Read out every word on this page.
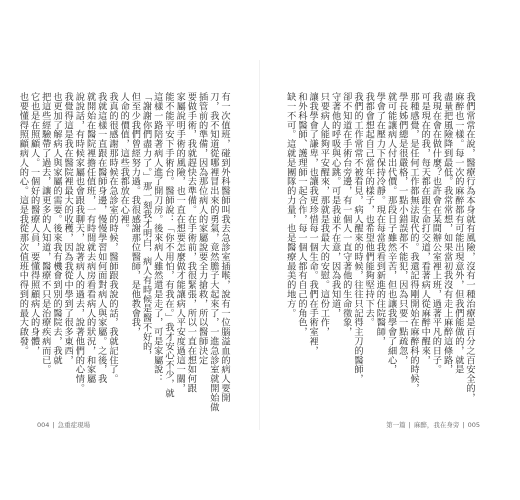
有一次值班，碰到外科醫師叫我去急診室插喉，說有一位腦溢血的病人要開

刀，我不知道從哪裡冒出來的勇氣，竟然膽子大起來了，一進急診室就開始做

插管前的準備，因為那位病人的家屬說要全力搶救，所以醫師決定

要做手術，我就趕快去準備。在手術前，我很緊張，所以一直在想如何跟

家屬說明手術的風險，也一直在想要怎麼做才能讓病人平安度過這一關，

能不能平安下手術台。醫師說：「你不用怕，有我在。」我才安心不少，就

這樣一路陪著病人進了開刀房。後來病人雖然還是走了，可是家屬說：

「謝謝你們盡力了。」那一刻我才明白，病人有時候是醫不好的，

但至少我們曾經努力過。我很感謝那位醫師，是他教會我，

人命的價值，這些我都放在心裡。

我真的很感謝那時候在急診室的時候，醫師跟我說的話，我就記住了。

我就這樣一直跟在醫師身邊，慢慢學習如何面對病人與家屬。之後，我

就開始在醫院裡擔任值班，一有時間就去病房看看病人的狀況，和家屬

說說話，有時候家屬也會跟我聊天，說著病人的過去，說著他們的心情。

我覺得這是我在醫院裡最大的收穫，因為我從中學到了很多東西，

也更加了解病人與家屬的需要。後來我有機會到別的醫院去，我就

把這些經驗帶了過去，讓更多的人知道，醫療不只是治療疾病而已。

它也是在照顧人。一個好的醫療人員，要懂得照顧病人的身體，

也要懂得照顧病人的心。這是我從那次值班中得到的最大啟發。

004 | 急重症現場

我們常常在說，醫療行為本身就有風險，沒有一種治療是百分之百安全的，

麻醉也一樣。每一次的麻醉都有可能出現意外，但我們能做的，就是

盡量把風險降到最低。我常常想，如果當初我沒有走上麻醉這條路，

我現在會在做什麼？也許會在某間辦公室裡上班，過著平凡的日子。

可是現在的我，每天都在跟生命打交道，看著病人從麻醉中醒來，

那種感覺，是任何工作都無法取代的。我還記得剛開始在麻醉科的時候，

學長姊們總是很嚴格，一點小錯誤都不能犯，因為只要一點疏忽，

就可能讓病人付出代價。那段日子雖然辛苦，但也讓我學會了細心，

學會了在壓力下保持冷靜。現在每當我看到新進的住院醫師，

我都會想起自己當年的樣子，也希望他們能夠堅持下去。

我們的工作常常不被看見，病人醒來的時候，往往只記得主刀的醫師，

卻不知道在手術台旁邊，有一個人一直守著他的生命徵象，

守著他的呼吸與心跳。可是我並不在意，因為我知道，

只要病人能夠平安醒來，那就是我最大的安慰。這份工作，

讓我學會了謙卑，也讓我更珍惜每一個生命。我們在手術室裡，

和外科醫師、護理師一起合作，每一個人都有自己的角色，

缺一不可。這就是團隊的力量，也是醫療最美的地方。

第一篇 | 麻醉，我在身旁 | 005
